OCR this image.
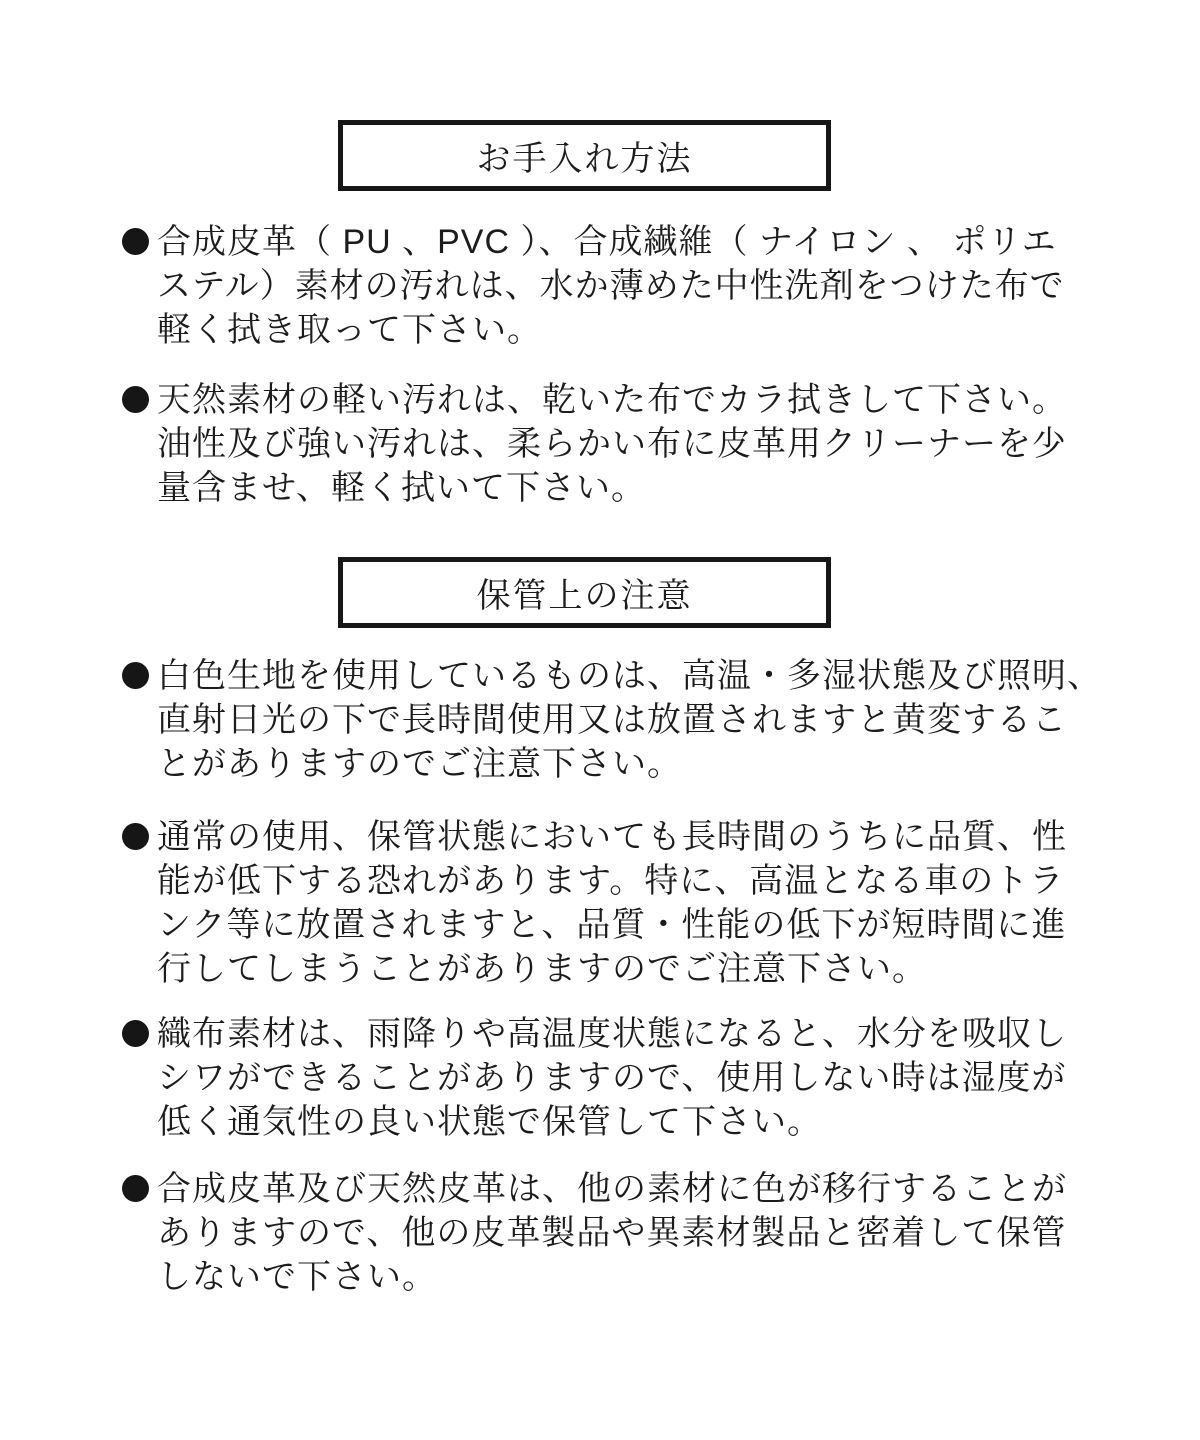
お手入れ方法
合成皮革（ PU 、PVC ）、合成繊維（ ナイロン 、 ポリエ
ステル）素材の汚れは、水か薄めた中性洗剤をつけた布で
軽く拭き取って下さい。
天然素材の軽い汚れは、乾いた布でカラ拭きして下さい。
油性及び強い汚れは、柔らかい布に皮革用クリーナーを少
量含ませ、軽く拭いて下さい。
保管上の注意
白色生地を使用しているものは、高温・多湿状態及び照明、
直射日光の下で長時間使用又は放置されますと黄変するこ
とがありますのでご注意下さい。
通常の使用、保管状態においても長時間のうちに品質、性
能が低下する恐れがあります。特に、高温となる車のトラ
ンク等に放置されますと、品質・性能の低下が短時間に進
行してしまうことがありますのでご注意下さい。
織布素材は、雨降りや高温度状態になると、水分を吸収し
シワができることがありますので、使用しない時は湿度が
低く通気性の良い状態で保管して下さい。
合成皮革及び天然皮革は、他の素材に色が移行することが
ありますので、他の皮革製品や異素材製品と密着して保管
しないで下さい。
